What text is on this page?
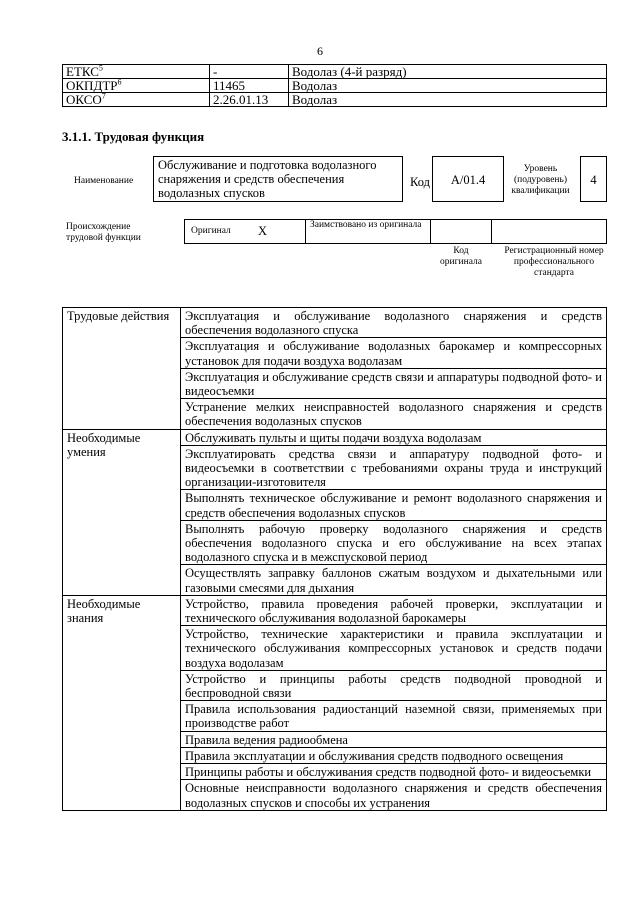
6
ЕТКС$^5$	-	Водолаз (4-й разряд)
ОКПДТР$^6$	11465	Водолаз
ОКСО$^7$	2.26.01.13	Водолаз
3.1.1. Трудовая функция
Наименование
Обслуживание и подготовка водолазного снаряжения и средств обеспечения водолазных спусков
Код	А/01.4
Уровень (подуровень) квалификации
4
Происхождение трудовой функции
Оригинал X	Заимствовано из оригинала
Код оригинала
Регистрационный номер профессионального стандарта
Трудовые действия	Эксплуатация и обслуживание водолазного снаряжения и средств обеспечения водолазного спуска
	Эксплуатация и обслуживание водолазных барокамер и компрессорных установок для подачи воздуха водолазам
	Эксплуатация и обслуживание средств связи и аппаратуры подводной фото- и видеосъемки
	Устранение мелких неисправностей водолазного снаряжения и средств обеспечения водолазных спусков
Необходимые умения	Обслуживать пульты и щиты подачи воздуха водолазам
	Эксплуатировать средства связи и аппаратуру подводной фото- и видеосъемки в соответствии с требованиями охраны труда и инструкций организации-изготовителя
	Выполнять техническое обслуживание и ремонт водолазного снаряжения и средств обеспечения водолазных спусков
	Выполнять рабочую проверку водолазного снаряжения и средств обеспечения водолазного спуска и его обслуживание на всех этапах водолазного спуска и в межспусковой период
	Осуществлять заправку баллонов сжатым воздухом и дыхательными или газовыми смесями для дыхания
Необходимые знания	Устройство, правила проведения рабочей проверки, эксплуатации и технического обслуживания водолазной барокамеры
	Устройство, технические характеристики и правила эксплуатации и технического обслуживания компрессорных установок и средств подачи воздуха водолазам
	Устройство и принципы работы средств подводной проводной и беспроводной связи
	Правила использования радиостанций наземной связи, применяемых при производстве работ
	Правила ведения радиообмена
	Правила эксплуатации и обслуживания средств подводного освещения
	Принципы работы и обслуживания средств подводной фото- и видеосъемки
	Основные неисправности водолазного снаряжения и средств обеспечения водолазных спусков и способы их устранения
